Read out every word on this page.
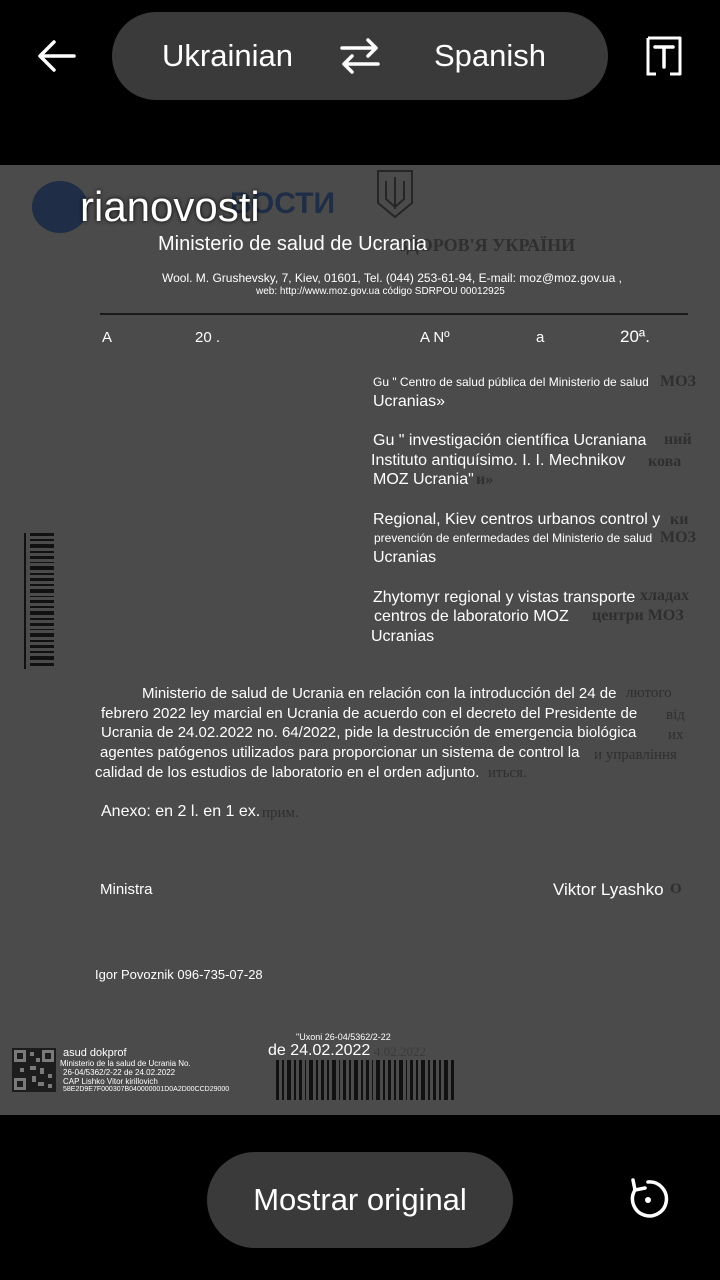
Ukrainian	Spanish
ВОСТИ
ЗДОРОВ'Я УКРАЇНИ
МОЗ
ний
кова
и»
ки
МОЗ
хладах
центри МОЗ
лютого
від
их
и управління
иться.
прим.
О
4.02.2022
rianovosti
Ministerio de salud de Ucrania
Wool. M. Grushevsky, 7, Kiev, 01601, Tel. (044) 253-61-94, E-mail: moz@moz.gov.ua ,
web: http://www.moz.gov.ua código SDRPOU 00012925
A	20 .	A Nº	a	20ª.
Gu " Centro de salud pública del Ministerio de salud
Ucranias»
Gu " investigación científica Ucraniana
Instituto antiquísimo. I. I. Mechnikov
MOZ Ucrania"
Regional, Kiev centros urbanos control y
prevención de enfermedades del Ministerio de salud
Ucranias
Zhytomyr regional y vistas transporte
centros de laboratorio MOZ
Ucranias
Ministerio de salud de Ucrania en relación con la introducción del 24 de
febrero 2022 ley marcial en Ucrania de acuerdo con el decreto del Presidente de
Ucrania de 24.02.2022 no. 64/2022, pide la destrucción de emergencia biológica
agentes patógenos utilizados para proporcionar un sistema de control la
calidad de los estudios de laboratorio en el orden adjunto.
Anexo: en 2 l. en 1 ex.
Ministra	Viktor Lyashko
Igor Povoznik 096-735-07-28
asud dokprof
Ministerio de la salud de Ucrania No.
26-04/5362/2-22 de 24.02.2022
CAP Lishko Vitor kirillovich
58E2D9E7F000307B040000001D0A2D00CCD29000
"Uxoni 26-04/5362/2-22
de 24.02.2022
Mostrar original
